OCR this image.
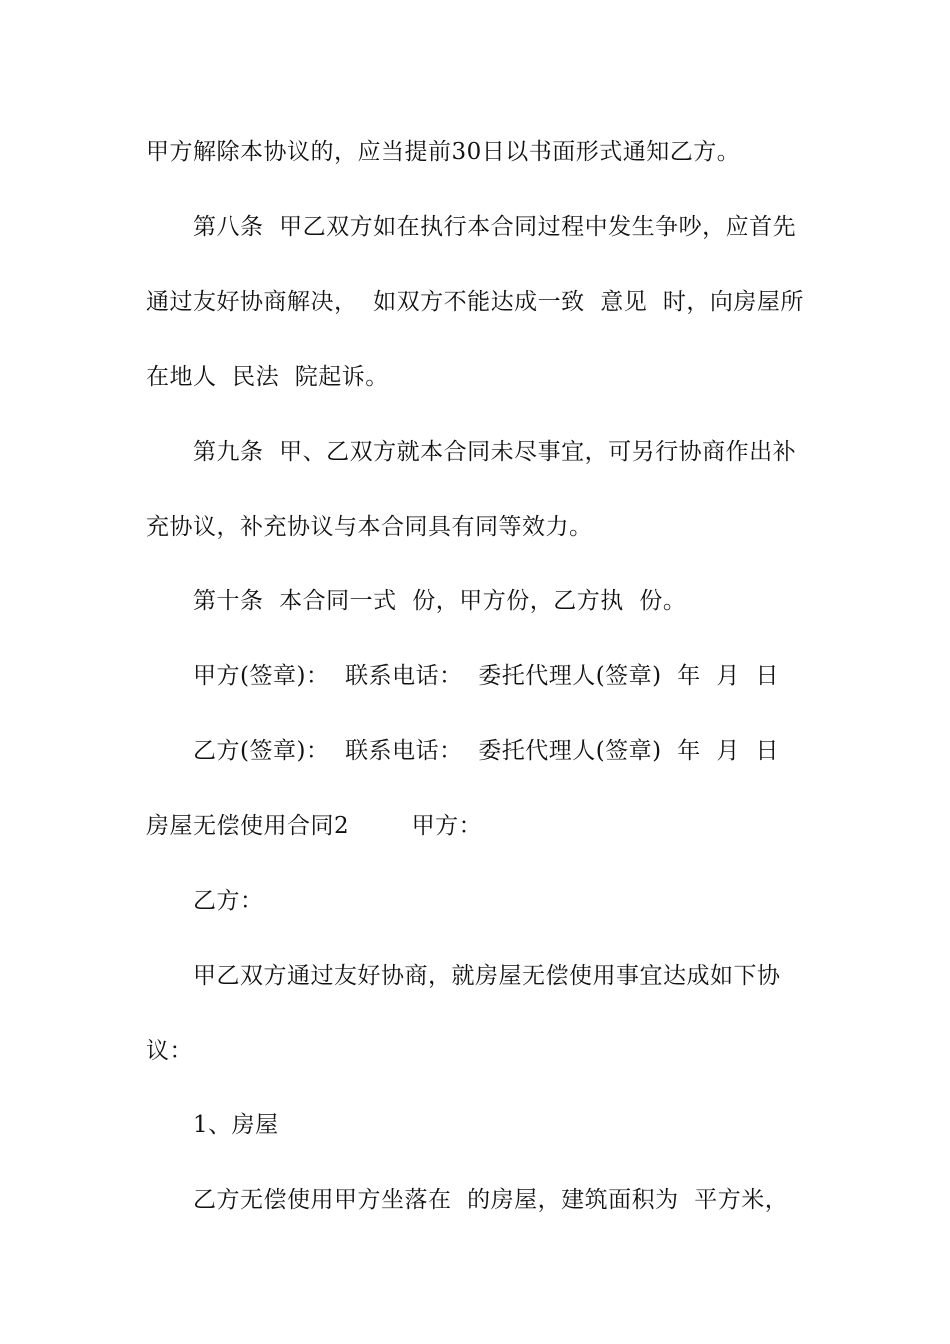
甲方解除本协议的，应当提前30日以书面形式通知乙方。
第八条  甲乙双方如在执行本合同过程中发生争吵，应首先
通过友好协商解决，  如双方不能达成一致  意见  时，向房屋所
在地人  民法  院起诉。
第九条  甲、乙双方就本合同未尽事宜，可另行协商作出补
充协议，补充协议与本合同具有同等效力。
第十条  本合同一式  份，甲方份，乙方执  份。
甲方(签章)：  联系电话：  委托代理人(签章)  年  月  日
乙方(签章)：  联系电话：  委托代理人(签章)  年  月  日
房屋无偿使用合同2        甲方：
乙方：
甲乙双方通过友好协商，就房屋无偿使用事宜达成如下协
议：
1、房屋
乙方无偿使用甲方坐落在  的房屋，建筑面积为  平方米，
